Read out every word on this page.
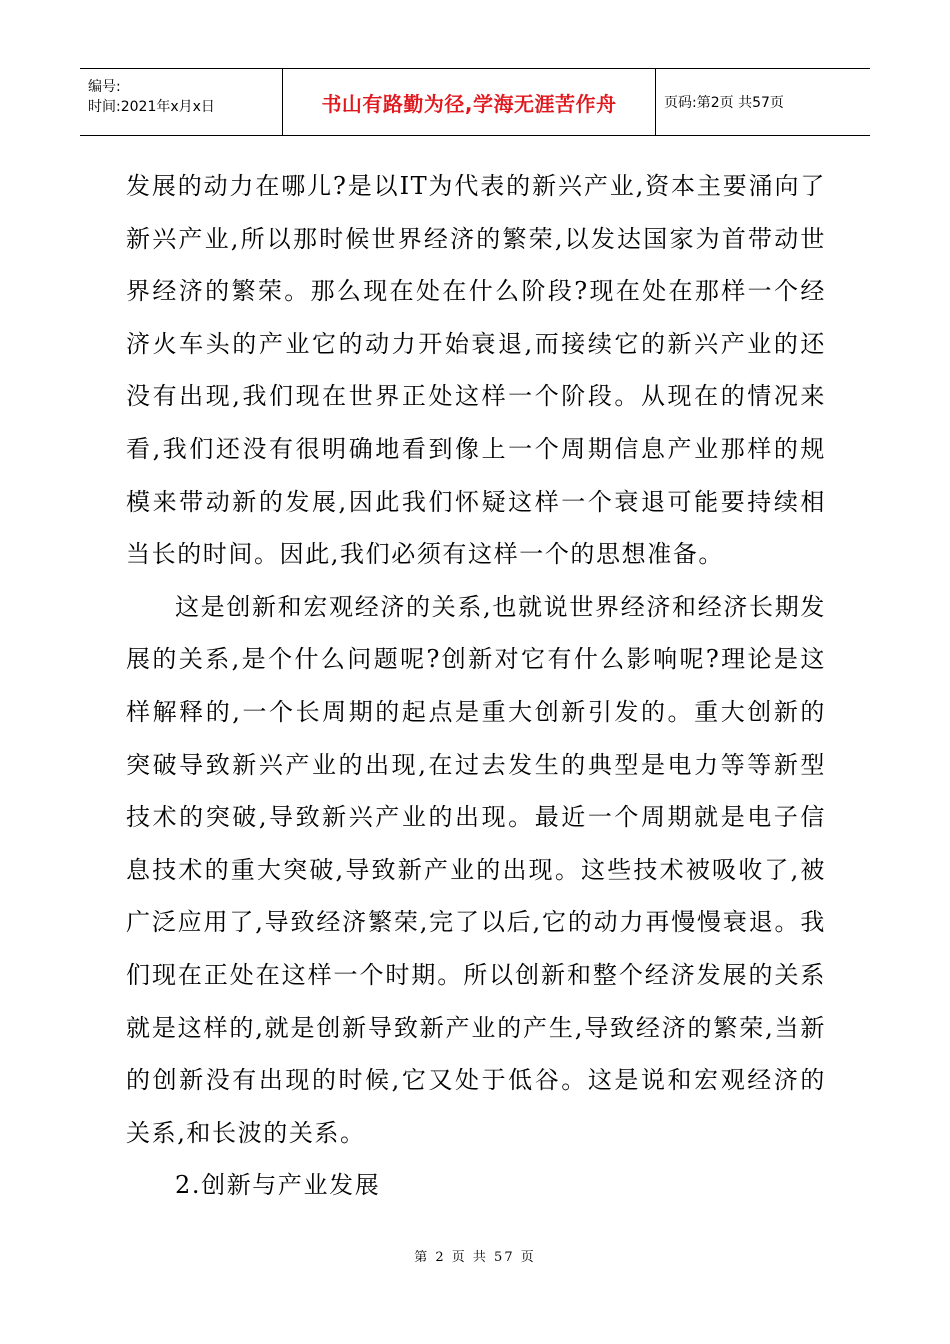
编号:
时间:2021年x月x日	书山有路勤为径,学海无涯苦作舟	页码:第2页 共57页

发展的动力在哪儿?是以IT为代表的新兴产业,资本主要涌向了新兴产业,所以那时候世界经济的繁荣,以发达国家为首带动世界经济的繁荣。那么现在处在什么阶段?现在处在那样一个经济火车头的产业它的动力开始衰退,而接续它的新兴产业的还没有出现,我们现在世界正处这样一个阶段。从现在的情况来看,我们还没有很明确地看到像上一个周期信息产业那样的规模来带动新的发展,因此我们怀疑这样一个衰退可能要持续相当长的时间。因此,我们必须有这样一个的思想准备。

这是创新和宏观经济的关系,也就说世界经济和经济长期发展的关系,是个什么问题呢?创新对它有什么影响呢?理论是这样解释的,一个长周期的起点是重大创新引发的。重大创新的突破导致新兴产业的出现,在过去发生的典型是电力等等新型技术的突破,导致新兴产业的出现。最近一个周期就是电子信息技术的重大突破,导致新产业的出现。这些技术被吸收了,被广泛应用了,导致经济繁荣,完了以后,它的动力再慢慢衰退。我们现在正处在这样一个时期。所以创新和整个经济发展的关系就是这样的,就是创新导致新产业的产生,导致经济的繁荣,当新的创新没有出现的时候,它又处于低谷。这是说和宏观经济的关系,和长波的关系。

2.创新与产业发展

第 2 页 共 57 页
